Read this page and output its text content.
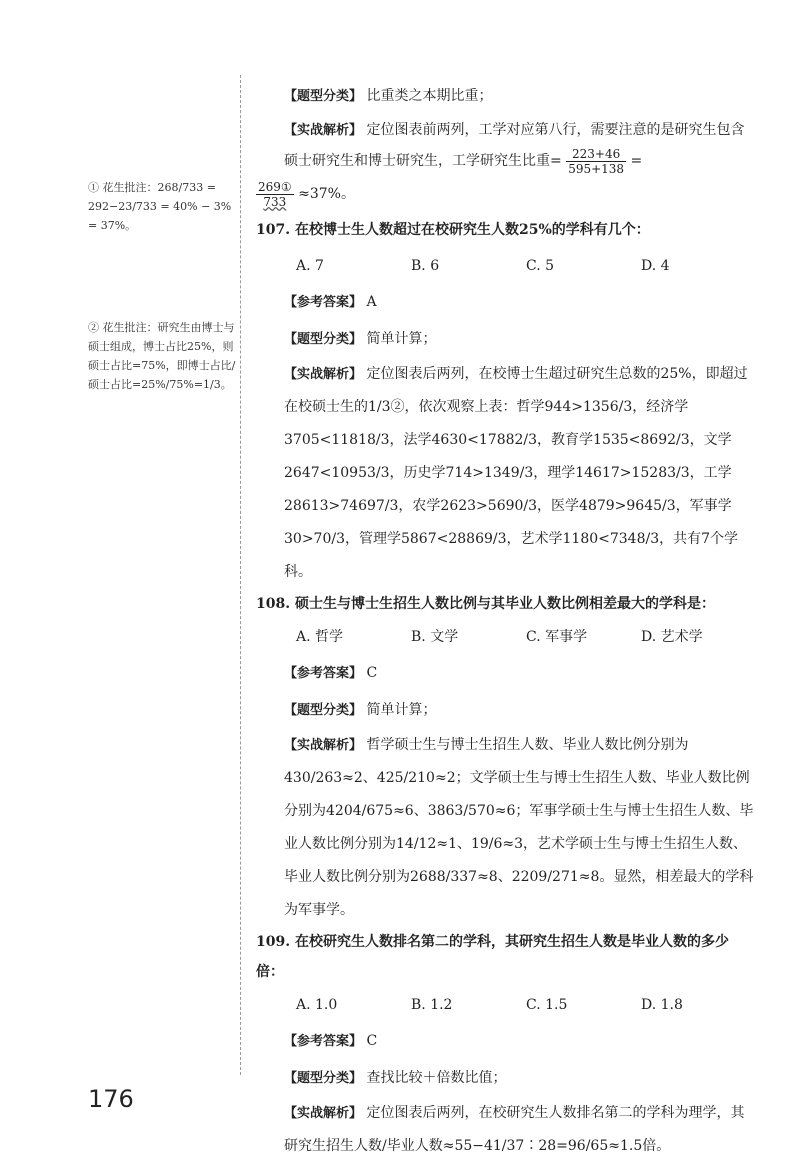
① 花生批注：268/733 = 292−23/733 = 40% − 3% = 37%。
② 花生批注：研究生由博士与硕士组成，博士占比25%，则硕士占比=75%，即博士占比/硕士占比=25%/75%=1/3。

【题型分类】 比重类之本期比重；

【实战解析】 定位图表前两列，工学对应第八行，需要注意的是研究生包含硕士研究生和博士研究生，工学研究生比重= $\frac{223+46}{595+138}$ =

$\frac{\text{269①}}{733} \approx 37\%$。

107. 在校博士生人数超过在校研究生人数25%的学科有几个：

A. 7	B. 6	C. 5	D. 4

【参考答案】 A

【题型分类】 简单计算；

【实战解析】 定位图表后两列，在校博士生超过研究生总数的25%，即超过在校硕士生的1/3②，依次观察上表：哲学944>1356/3，经济学3705<11818/3，法学4630<17882/3，教育学1535<8692/3，文学2647<10953/3，历史学714>1349/3，理学14617>15283/3，工学28613>74697/3，农学2623>5690/3，医学4879>9645/3，军事学30>70/3，管理学5867<28869/3，艺术学1180<7348/3，共有7个学科。

108. 硕士生与博士生招生人数比例与其毕业人数比例相差最大的学科是：

A. 哲学	B. 文学	C. 军事学	D. 艺术学

【参考答案】 C

【题型分类】 简单计算；

【实战解析】 哲学硕士生与博士生招生人数、毕业人数比例分别为430/263≈2、425/210≈2；文学硕士生与博士生招生人数、毕业人数比例分别为4204/675≈6、3863/570≈6；军事学硕士生与博士生招生人数、毕业人数比例分别为14/12≈1、19/6≈3，艺术学硕士生与博士生招生人数、毕业人数比例分别为2688/337≈8、2209/271≈8。显然，相差最大的学科为军事学。

109. 在校研究生人数排名第二的学科，其研究生招生人数是毕业人数的多少倍：

A. 1.0	B. 1.2	C. 1.5	D. 1.8

【参考答案】 C

【题型分类】 查找比较＋倍数比值；

【实战解析】 定位图表后两列，在校研究生人数排名第二的学科为理学，其研究生招生人数/毕业人数≈55−41/37∶28=96/65≈1.5倍。

176
